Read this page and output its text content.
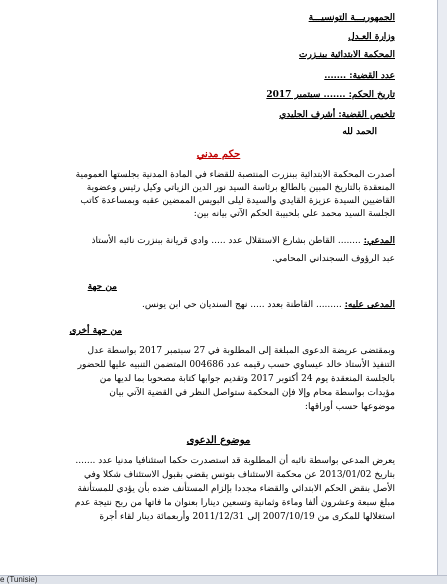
الجمهوريـــة التونسيـــة
وزارة العـدل
المحكمة الابتدائية ببنـزرت
عدد القضية: .......
تاريخ الحكم: ....... سبتمبر 2017
تلخيص القضية: أشرف الجليدي
الحمد لله
حكم مدني
أصدرت المحكمة الابتدائية ببنزرت المنتصبة للقضاء في المادة المدنية بجلستها العمومية
المنعقدة بالتاريخ المبين بالطالع برئاسة السيد نور الدين الزياتي وكيل رئيس وعضوية
القاضيين السيدة عزيزة القايدي والسيدة ليلى البويس الممضين عقبه وبمساعدة كاتب
الجلسة السيد محمد علي بلحبيبة الحكم الآتي بيانه بين:
المدعي: ........ القاطن بشارع الاستقلال عدد ..... وادي قريانة ببنزرت نائبه الأستاذ
عبد الرؤوف السجنداني المحامي.
من جهة
المدعى عليه: ......... القاطنة بعدد ..... نهج السنديان حي ابن يونس.
من جهة أخرى
وبمقتضى عريضة الدعوى المبلغة إلى المطلوبة في 27 سبتمبر 2017 بواسطة عدل
التنفيذ الأستاذ خالد عيساوي حسب رقيمه عدد 004686 المتضمن التنبيه عليها للحضور
بالجلسة المنعقدة يوم 24 أكتوبر 2017 وتقديم جوابها كتابة مصحوبا بما لديها من
مؤيدات بواسطة محام وإلا فإن المحكمة ستواصل النظر في القضية الآتي بيان
موضوعها حسب أوراقها:
موضوع الدعوى
يعرض المدعي بواسطة نائبه أن المطلوبة قد استصدرت حكما استئنافيا مدنيا عدد .......
بتاريخ 2013/01/02 عن محكمة الاستئناف بتونس يقضي بقبول الاستئناف شكلا وفي
الأصل بنقض الحكم الابتدائي والقضاء مجددا بإلزام المستأنف ضده بأن يؤدي للمستأنفة
مبلغ سبعة وعشرون ألفا وماءة وثمانية وتسعين دينارا بعنوان ما فاتها من ربح نتيجة عدم
استغلالها للمكرى من 2007/10/19 إلى 2011/12/31 وأربعمائة دينار لقاء أجرة
e (Tunisie)
